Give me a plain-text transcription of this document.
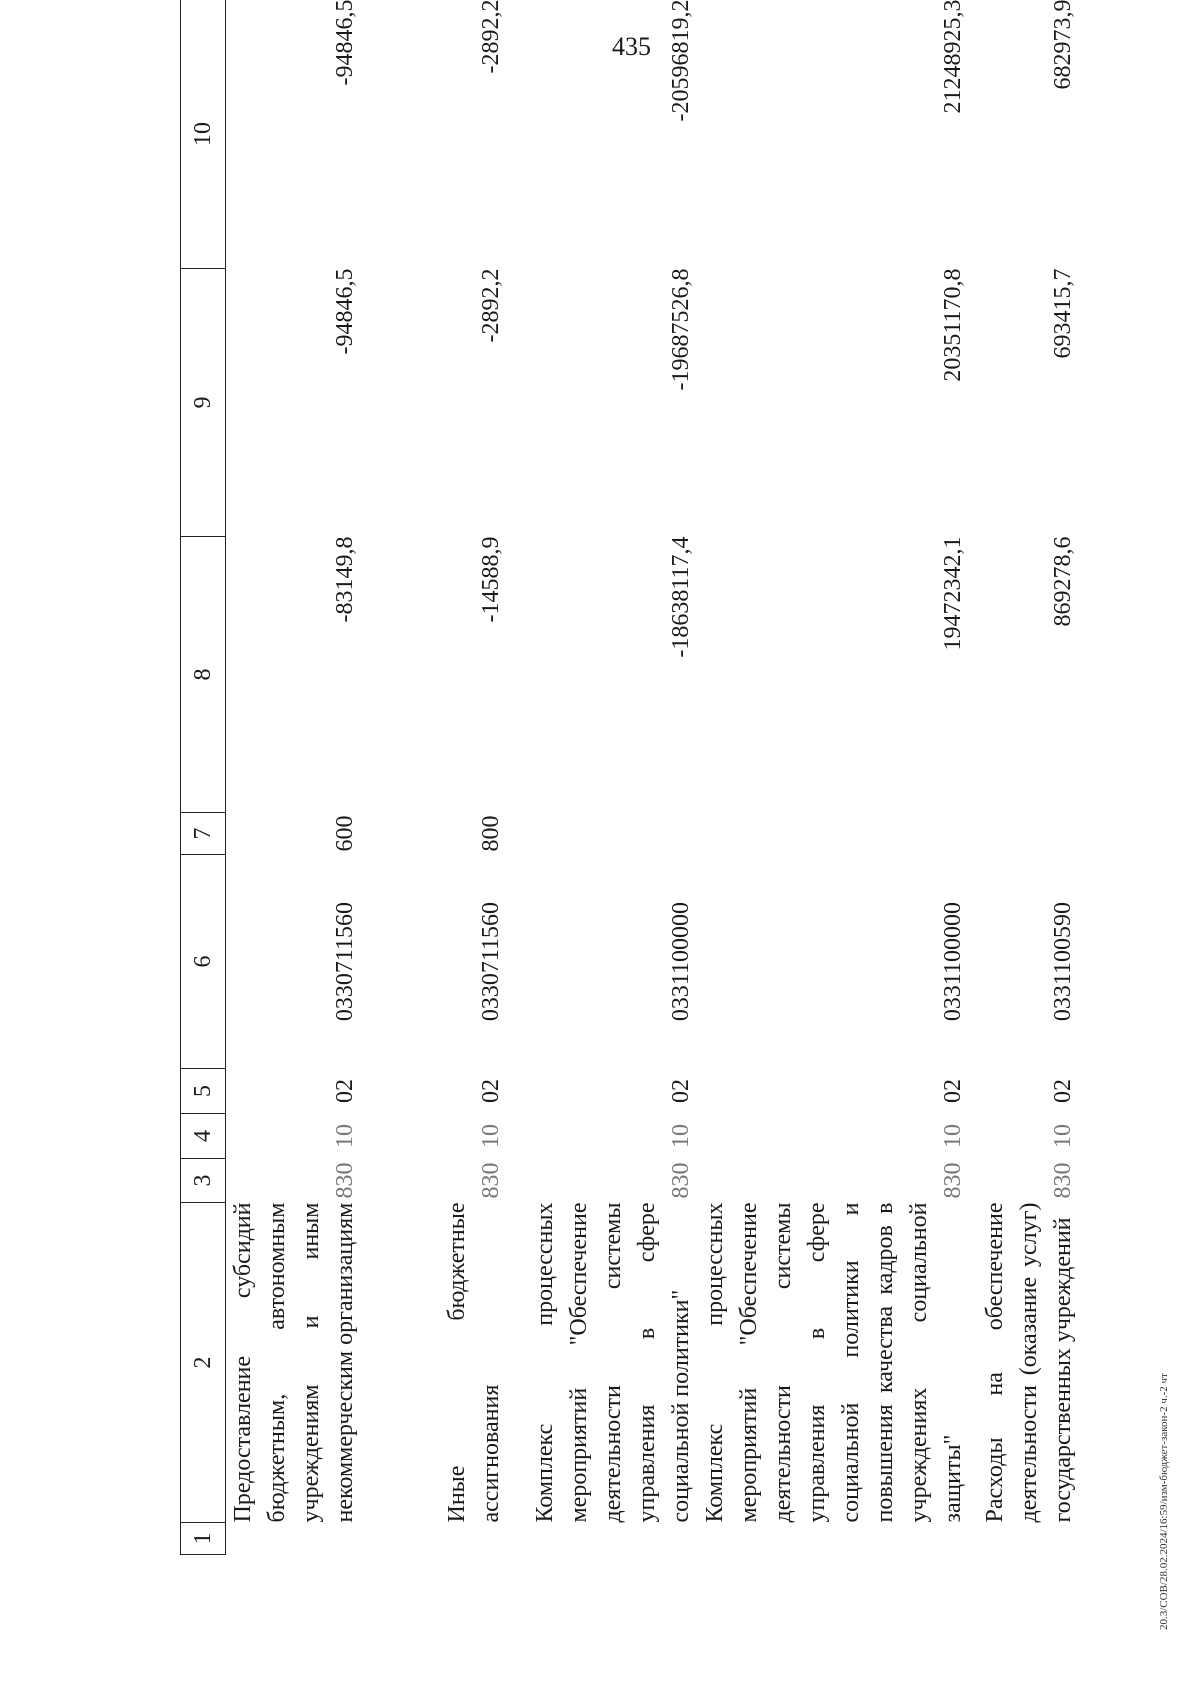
435
1	2	3	4	5	6	7	8	9	10
	Предоставление субсидий бюджетным, автономным учреждениям и иным некоммерческим организациям	830	10	02	0330711560	600	-83149,8	-94846,5	-94846,5
	Иные бюджетные ассигнования	830	10	02	0330711560	800	-14588,9	-2892,2	-2892,2
	Комплекс процессных мероприятий "Обеспечение деятельности системы управления в сфере социальной политики"	830	10	02	0331100000		-18638117,4	-19687526,8	-20596819,2
	Комплекс процессных мероприятий "Обеспечение деятельности системы управления в сфере социальной политики и повышения качества кадров в учреждениях социальной защиты"	830	10	02	0331100000		19472342,1	20351170,8	21248925,3
	Расходы на обеспечение деятельности (оказание услуг) государственных учреждений	830	10	02	0331100590		869278,6	693415,7	682973,9
20.3/СОВ/28.02.2024/16:59/изм-бюджет-закон-2 ч.-2 чт
